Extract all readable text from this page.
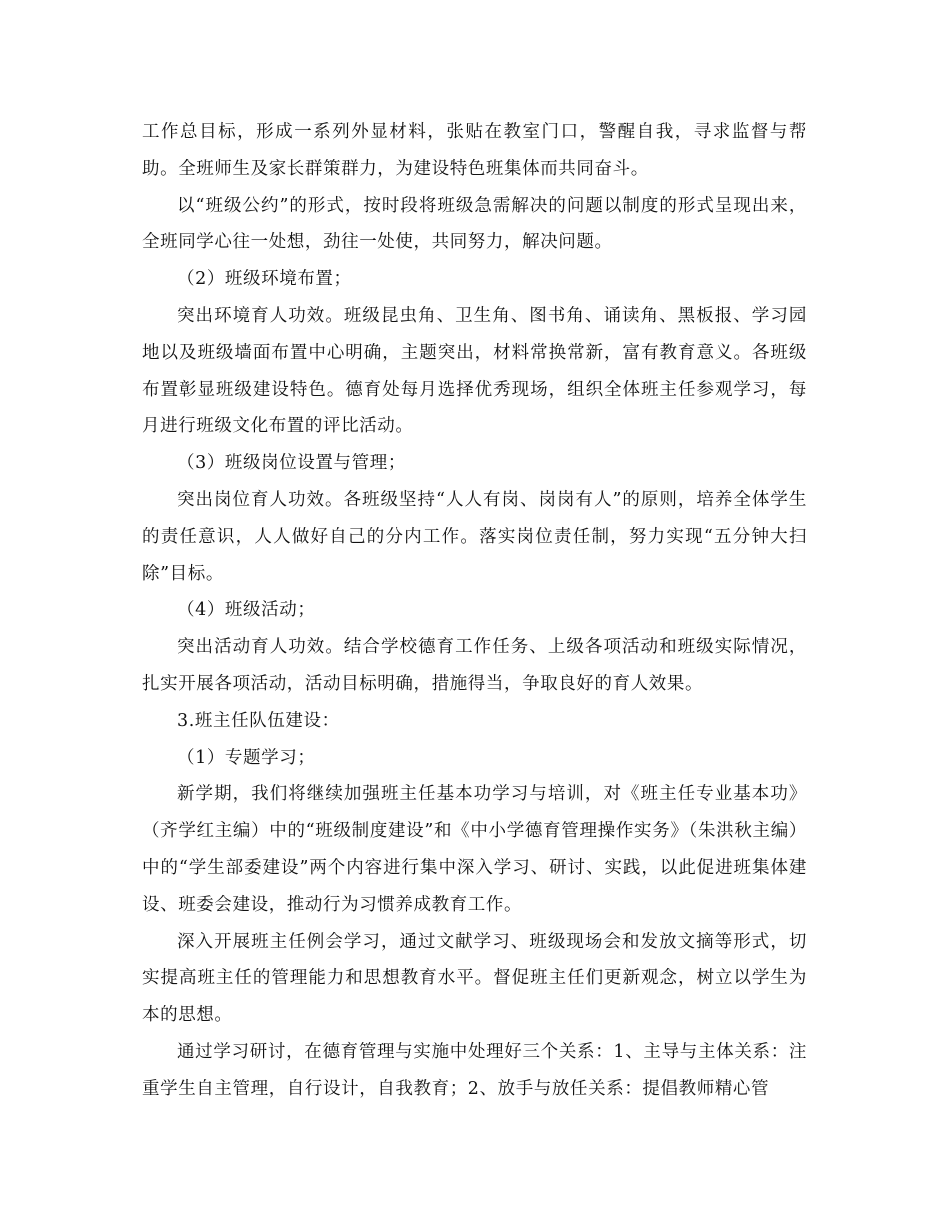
工作总目标，形成一系列外显材料，张贴在教室门口，警醒自我，寻求监督与帮助。全班师生及家长群策群力，为建设特色班集体而共同奋斗。

以“班级公约”的形式，按时段将班级急需解决的问题以制度的形式呈现出来，全班同学心往一处想，劲往一处使，共同努力，解决问题。

（2）班级环境布置；

突出环境育人功效。班级昆虫角、卫生角、图书角、诵读角、黑板报、学习园地以及班级墙面布置中心明确，主题突出，材料常换常新，富有教育意义。各班级布置彰显班级建设特色。德育处每月选择优秀现场，组织全体班主任参观学习，每月进行班级文化布置的评比活动。

（3）班级岗位设置与管理；

突出岗位育人功效。各班级坚持“人人有岗、岗岗有人”的原则，培养全体学生的责任意识，人人做好自己的分内工作。落实岗位责任制，努力实现“五分钟大扫除”目标。

（4）班级活动；

突出活动育人功效。结合学校德育工作任务、上级各项活动和班级实际情况，扎实开展各项活动，活动目标明确，措施得当，争取良好的育人效果。

3.班主任队伍建设：

（1）专题学习；

新学期，我们将继续加强班主任基本功学习与培训，对《班主任专业基本功》（齐学红主编）中的“班级制度建设”和《中小学德育管理操作实务》（朱洪秋主编）中的“学生部委建设”两个内容进行集中深入学习、研讨、实践，以此促进班集体建设、班委会建设，推动行为习惯养成教育工作。

深入开展班主任例会学习，通过文献学习、班级现场会和发放文摘等形式，切实提高班主任的管理能力和思想教育水平。督促班主任们更新观念，树立以学生为本的思想。

通过学习研讨，在德育管理与实施中处理好三个关系：1、主导与主体关系：注重学生自主管理，自行设计，自我教育；2、放手与放任关系：提倡教师精心管
